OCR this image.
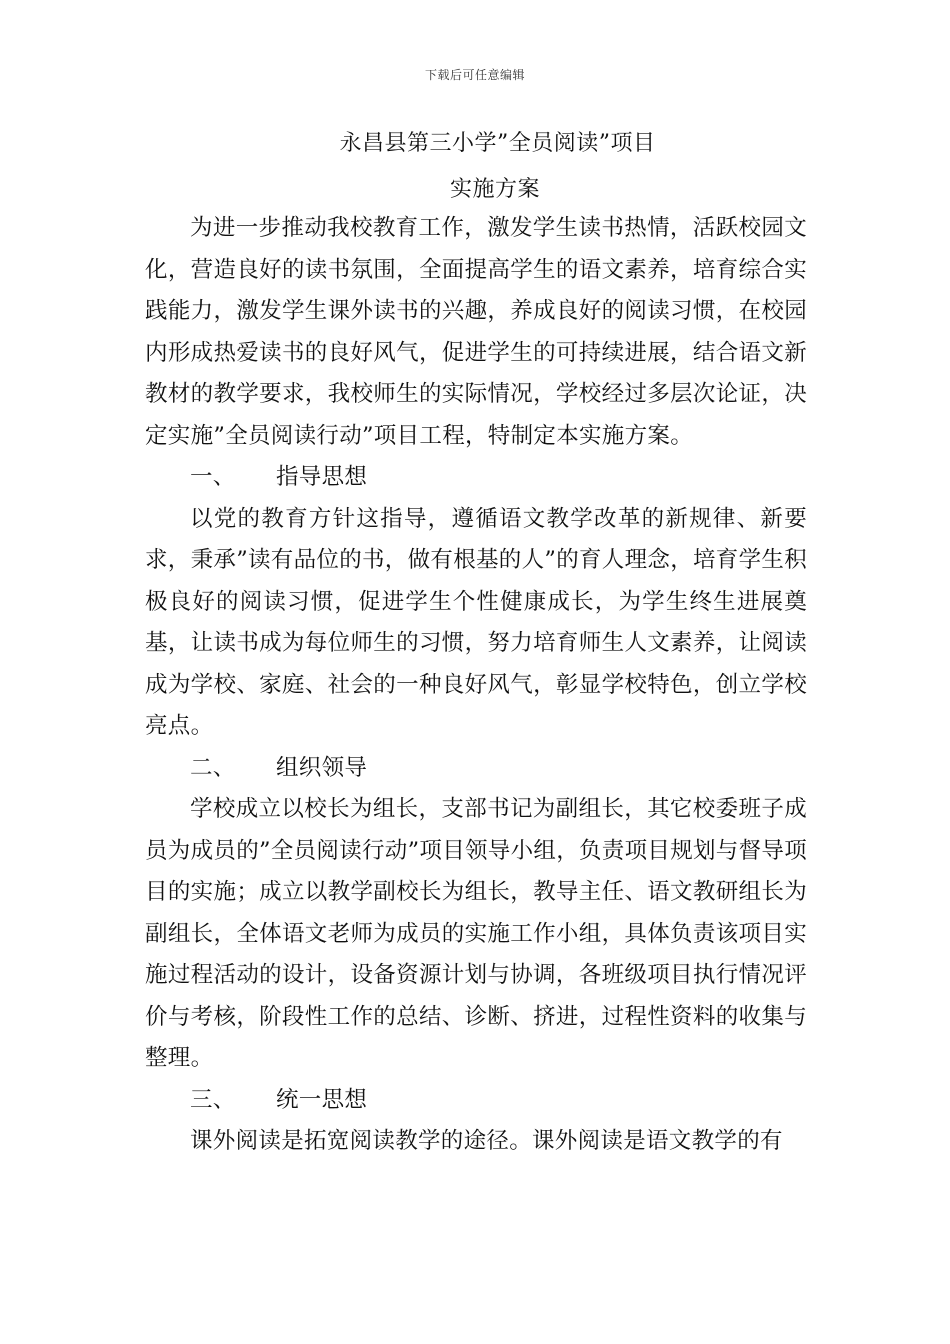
下载后可任意编辑
永昌县第三小学”全员阅读”项目
实施方案

为进一步推动我校教育工作，激发学生读书热情，活跃校园文化，营造良好的读书氛围，全面提高学生的语文素养，培育综合实践能力，激发学生课外读书的兴趣，养成良好的阅读习惯，在校园内形成热爱读书的良好风气，促进学生的可持续进展，结合语文新教材的教学要求，我校师生的实际情况，学校经过多层次论证，决定实施”全员阅读行动”项目工程，特制定本实施方案。

一、 指导思想

以党的教育方针这指导，遵循语文教学改革的新规律、新要求，秉承”读有品位的书，做有根基的人”的育人理念，培育学生积极良好的阅读习惯，促进学生个性健康成长，为学生终生进展奠基，让读书成为每位师生的习惯，努力培育师生人文素养，让阅读成为学校、家庭、社会的一种良好风气，彰显学校特色，创立学校亮点。

二、 组织领导

学校成立以校长为组长，支部书记为副组长，其它校委班子成员为成员的”全员阅读行动”项目领导小组，负责项目规划与督导项目的实施；成立以教学副校长为组长，教导主任、语文教研组长为副组长，全体语文老师为成员的实施工作小组，具体负责该项目实施过程活动的设计，设备资源计划与协调，各班级项目执行情况评价与考核，阶段性工作的总结、诊断、挤进，过程性资料的收集与整理。

三、 统一思想

课外阅读是拓宽阅读教学的途径。课外阅读是语文教学的有
